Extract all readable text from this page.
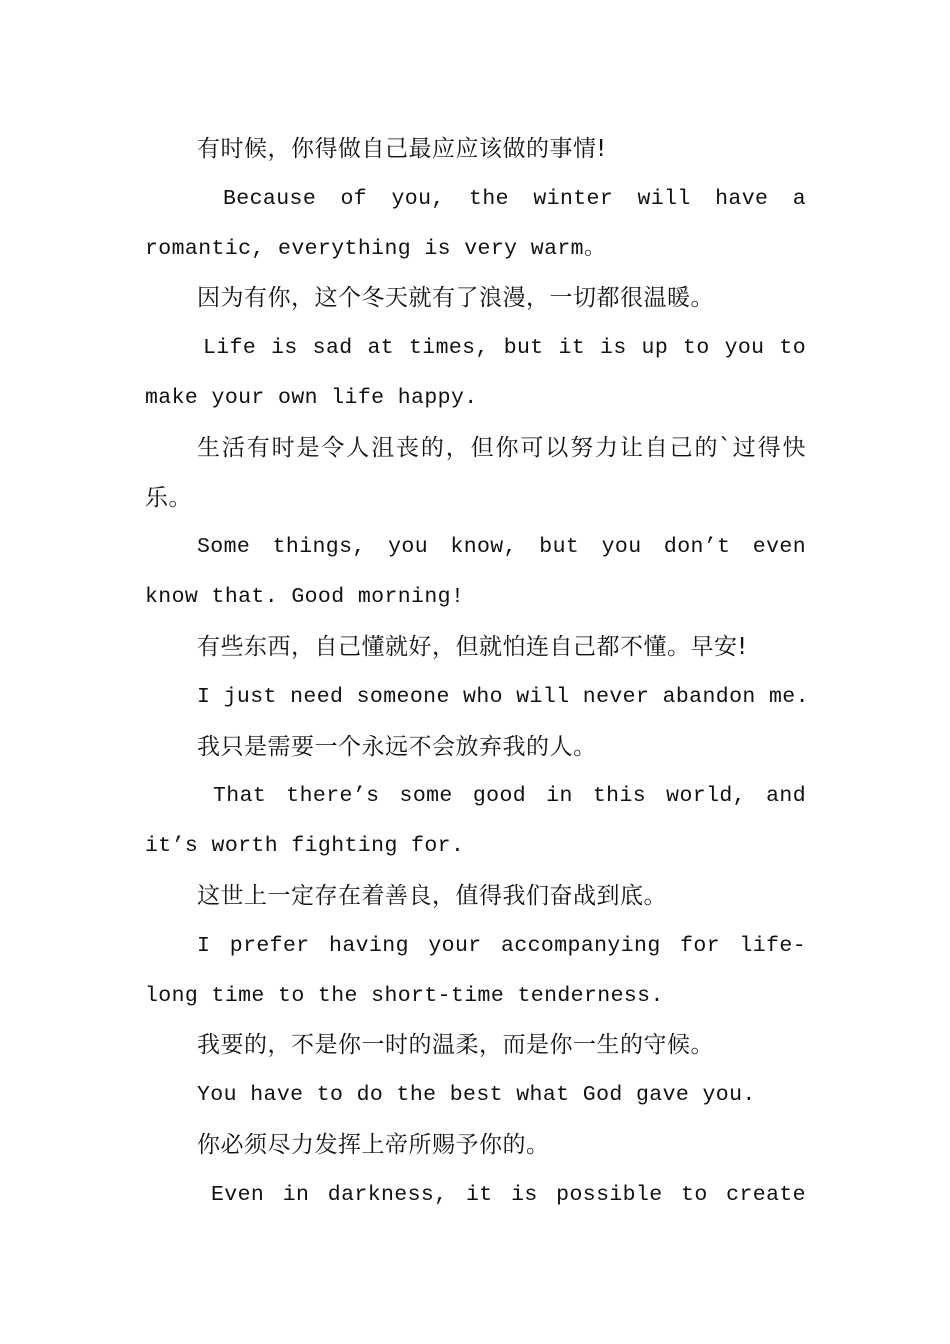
有时候，你得做自己最应应该做的事情!

Because of you, the winter will have a romantic, everything is very warm。

因为有你，这个冬天就有了浪漫，一切都很温暖。

Life is sad at times, but it is up to you to make your own life happy.

生活有时是令人沮丧的，但你可以努力让自己的`过得快乐。

Some things, you know, but you don’t even know that. Good morning!

有些东西，自己懂就好，但就怕连自己都不懂。早安!

I just need someone who will never abandon me.

我只是需要一个永远不会放弃我的人。

That there’s some good in this world, and it’s worth fighting for.

这世上一定存在着善良，值得我们奋战到底。

I prefer having your accompanying for life-long time to the short-time tenderness.

我要的，不是你一时的温柔，而是你一生的守候。

You have to do the best what God gave you.

你必须尽力发挥上帝所赐予你的。

Even in darkness, it is possible to create
